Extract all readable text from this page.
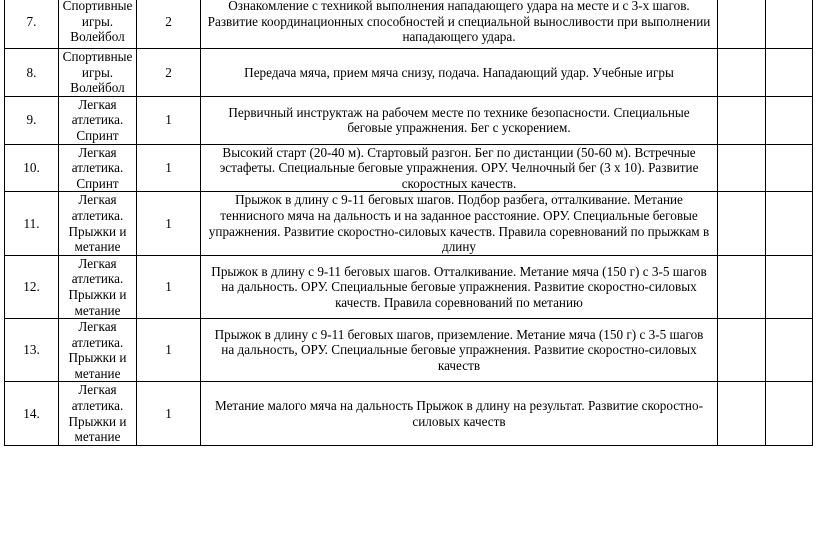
7.	Спортивные игры. Волейбол	2	Ознакомление с техникой выполнения нападающего удара на месте и с 3-х шагов. Развитие координационных способностей и специальной выносливости при выполнении нападающего удара.		
8.	Спортивные игры. Волейбол	2	Передача мяча, прием мяча снизу, подача. Нападающий удар. Учебные игры		
9.	Легкая атлетика. Спринт	1	Первичный инструктаж на рабочем месте по технике безопасности. Специальные беговые упражнения. Бег с ускорением.		
10.	Легкая атлетика. Спринт	1	Высокий старт (20-40 м). Стартовый разгон. Бег по дистанции (50-60 м). Встречные эстафеты. Специальные беговые упражнения. ОРУ. Челночный бег (3 х 10). Развитие скоростных качеств.		
11.	Легкая атлетика. Прыжки и метание	1	Прыжок в длину с 9-11 беговых шагов. Подбор разбега, отталкивание. Метание теннисного мяча на дальность и на заданное расстояние. ОРУ. Специальные беговые упражнения. Развитие скоростно-силовых качеств. Правила соревнований по прыжкам в длину		
12.	Легкая атлетика. Прыжки и метание	1	Прыжок в длину с 9-11 беговых шагов. Отталкивание. Метание мяча (150 г) с 3-5 шагов на дальность. ОРУ. Специальные беговые упражнения. Развитие скоростно-силовых качеств. Правила соревнований по метанию		
13.	Легкая атлетика. Прыжки и метание	1	Прыжок в длину с 9-11 беговых шагов, приземление. Метание мяча (150 г) с 3-5 шагов на дальность, ОРУ. Специальные беговые упражнения. Развитие скоростно-силовых качеств		
14.	Легкая атлетика. Прыжки и метание	1	Метание малого мяча на дальность Прыжок в длину на результат. Развитие скоростно-силовых качеств		
